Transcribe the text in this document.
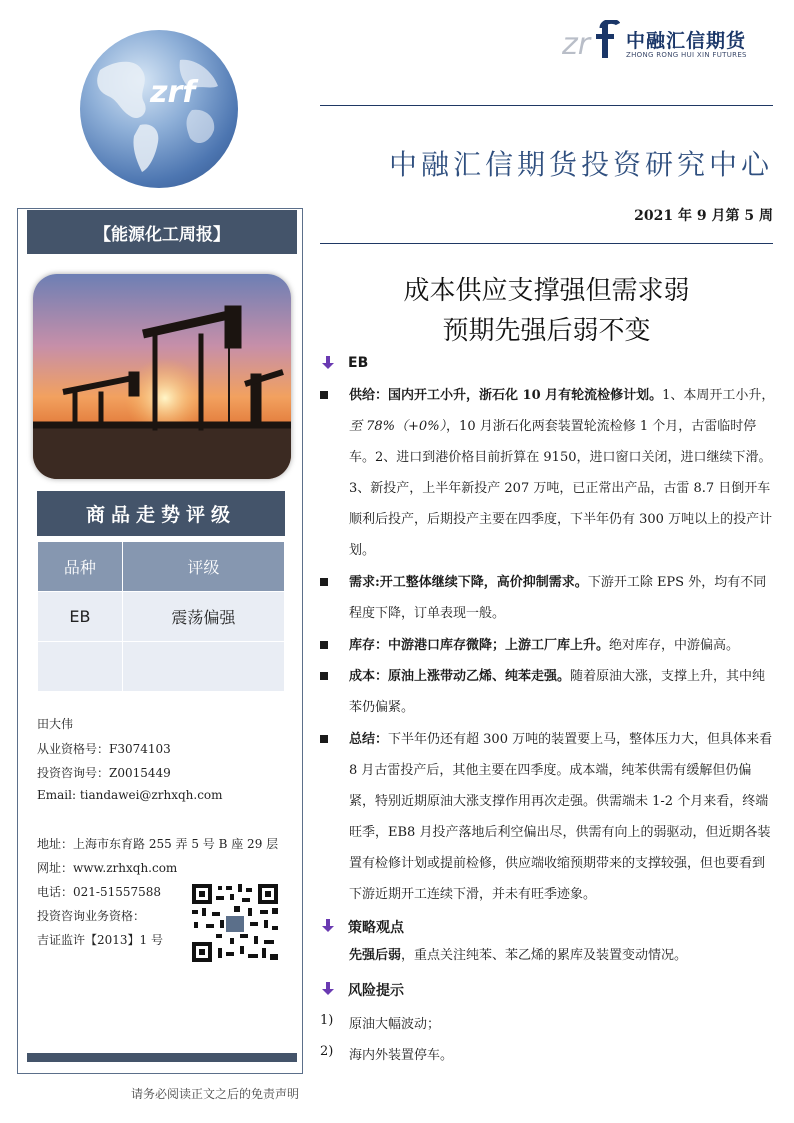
zrf
zr 中融汇信期货
ZHONG RONG HUI XIN FUTURES
中融汇信期货投资研究中心
2021 年 9 月第 5 周
【能源化工周报】
商品走势评级
品种	评级
EB	震荡偏强

田大伟
从业资格号：F3074103
投资咨询号：Z0015449
Email: tiandawei@zrhxqh.com
地址：上海市东育路 255 弄 5 号 B 座 29 层
网址：www.zrhxqh.com
电话：021-51557588
投资咨询业务资格：
吉证监许【2013】1 号
请务必阅读正文之后的免责声明
成本供应支撑强但需求弱
预期先强后弱不变
EB
供给：国内开工小升，浙石化 10 月有轮流检修计划。1、本周开工小升，至 78%（+0%），10 月浙石化两套装置轮流检修 1 个月，古雷临时停车。2、进口到港价格目前折算在 9150，进口窗口关闭，进口继续下滑。3、新投产，上半年新投产 207 万吨，已正常出产品，古雷 8.7 日倒开车顺利后投产，后期投产主要在四季度，下半年仍有 300 万吨以上的投产计划。
需求:开工整体继续下降，高价抑制需求。下游开工除 EPS 外，均有不同程度下降，订单表现一般。
库存：中游港口库存微降；上游工厂库上升。绝对库存，中游偏高。
成本：原油上涨带动乙烯、纯苯走强。随着原油大涨，支撑上升，其中纯苯仍偏紧。
总结：下半年仍还有超 300 万吨的装置要上马，整体压力大，但具体来看 8 月古雷投产后，其他主要在四季度。成本端，纯苯供需有缓解但仍偏紧，特别近期原油大涨支撑作用再次走强。供需端未 1-2 个月来看，终端旺季，EB8 月投产落地后利空偏出尽，供需有向上的弱驱动，但近期各装置有检修计划或提前检修，供应端收缩预期带来的支撑较强，但也要看到下游近期开工连续下滑，并未有旺季迹象。
策略观点
先强后弱，重点关注纯苯、苯乙烯的累库及装置变动情况。
风险提示
1) 原油大幅波动；
2) 海内外装置停车。
